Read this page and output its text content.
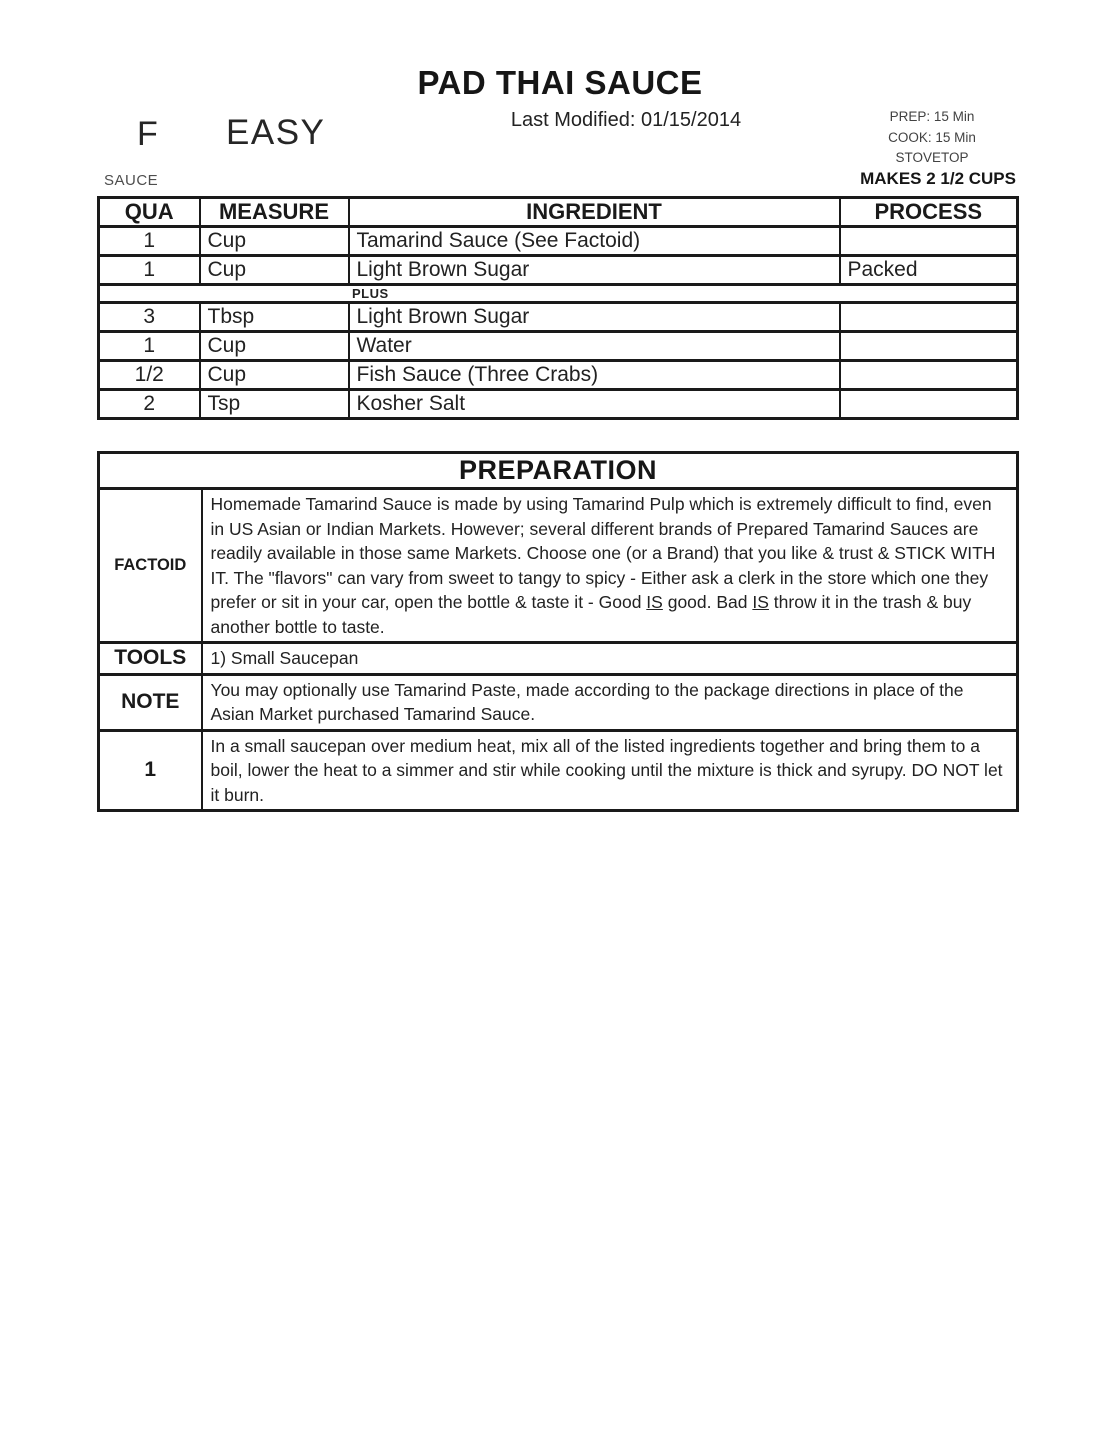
PAD THAI SAUCE
Last Modified: 01/15/2014
F EASY	PREP: 15 Min
COOK: 15 Min
STOVETOP
SAUCE	MAKES 2 1/2 CUPS
QUA	MEASURE	INGREDIENT	PROCESS
1	Cup	Tamarind Sauce (See Factoid)	
1	Cup	Light Brown Sugar	Packed
PLUS			
3	Tbsp	Light Brown Sugar	
1	Cup	Water	
1/2	Cup	Fish Sauce (Three Crabs)	
2	Tsp	Kosher Salt	
PREPARATION	
FACTOID	Homemade Tamarind Sauce is made by using Tamarind Pulp which is extremely difficult to find, even in US Asian or Indian Markets. However; several different brands of Prepared Tamarind Sauces are readily available in those same Markets. Choose one (or a Brand) that you like & trust & STICK WITH IT. The "flavors" can vary from sweet to tangy to spicy - Either ask a clerk in the store which one they prefer or sit in your car, open the bottle & taste it - Good IS good. Bad IS throw it in the trash & buy another bottle to taste.
TOOLS	1) Small Saucepan
NOTE	You may optionally use Tamarind Paste, made according to the package directions in place of the Asian Market purchased Tamarind Sauce.
1	In a small saucepan over medium heat, mix all of the listed ingredients together and bring them to a boil, lower the heat to a simmer and stir while cooking until the mixture is thick and syrupy. DO NOT let it burn.
